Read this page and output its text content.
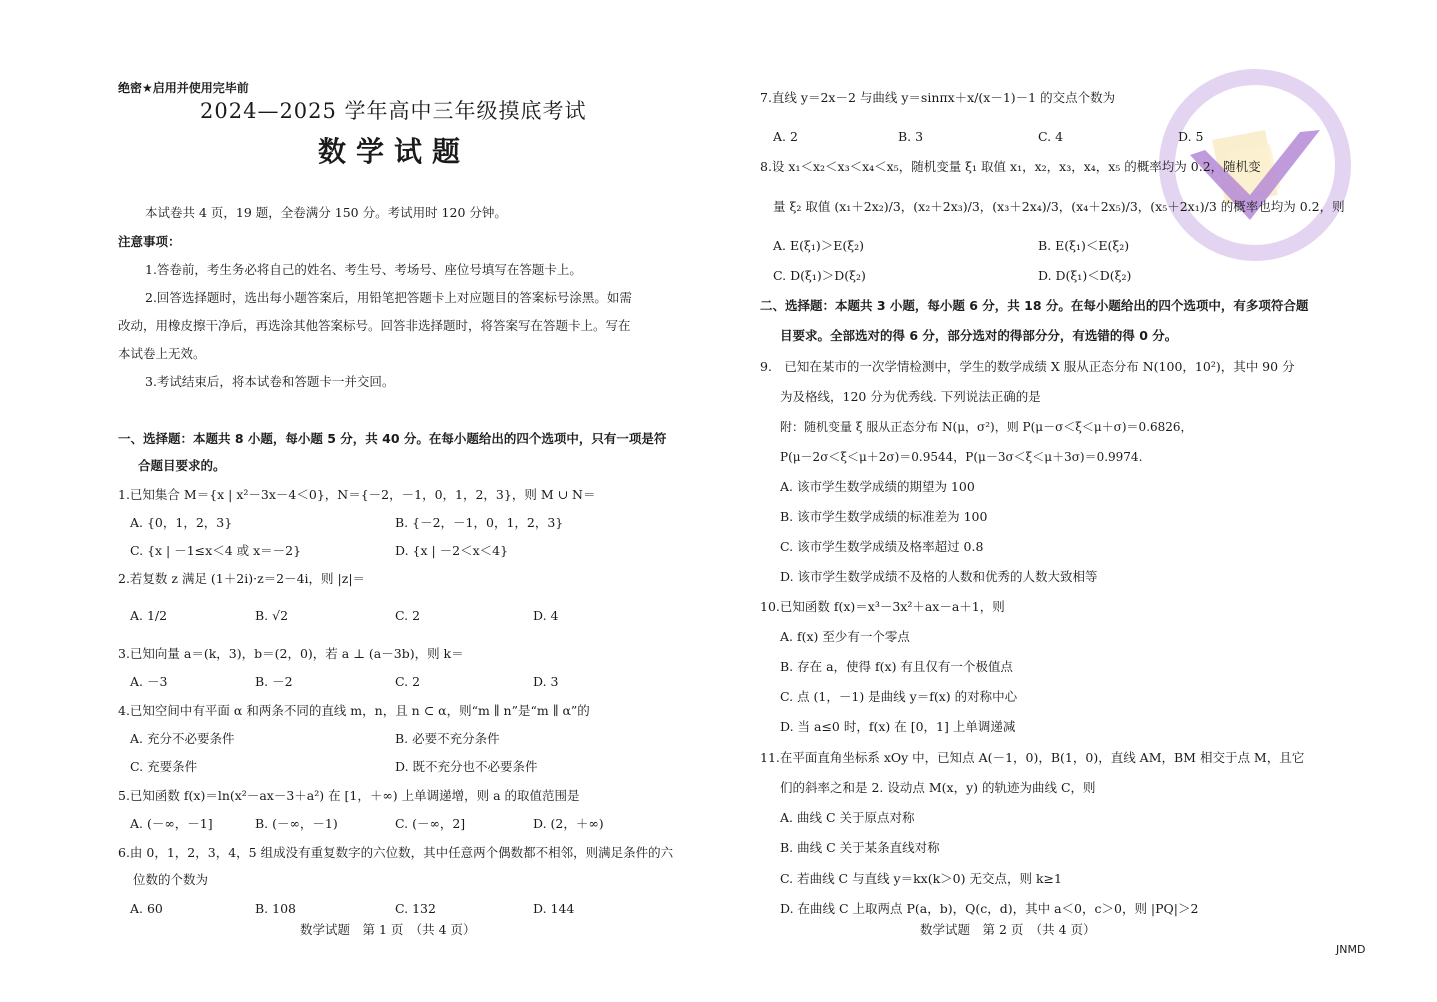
绝密★启用并使用完毕前
2024—2025 学年高中三年级摸底考试
数学试题
本试卷共 4 页，19 题，全卷满分 150 分。考试用时 120 分钟。
注意事项：
1.答卷前，考生务必将自己的姓名、考生号、考场号、座位号填写在答题卡上。
2.回答选择题时，选出每小题答案后，用铅笔把答题卡上对应题目的答案标号涂黑。如需
改动，用橡皮擦干净后，再选涂其他答案标号。回答非选择题时，将答案写在答题卡上。写在
本试卷上无效。
3.考试结束后，将本试卷和答题卡一并交回。
一、选择题：本题共 8 小题，每小题 5 分，共 40 分。在每小题给出的四个选项中，只有一项是符
合题目要求的。
1.已知集合 M＝{x | x²－3x－4＜0}，N＝{－2，－1，0，1，2，3}，则 M ∪ N＝
A. {0，1，2，3}	B. {－2，－1，0，1，2，3}
C. {x | －1≤x＜4 或 x＝－2}	D. {x | －2＜x＜4}
2.若复数 z 满足 (1＋2i)·z＝2－4i，则 |z|＝
A. 1/2	B. √2	C. 2	D. 4
3.已知向量 a＝(k，3)，b＝(2，0)，若 a ⊥ (a－3b)，则 k＝
A. －3	B. －2	C. 2	D. 3
4.已知空间中有平面 α 和两条不同的直线 m，n，且 n ⊂ α，则“m ∥ n”是“m ∥ α”的
A. 充分不必要条件	B. 必要不充分条件
C. 充要条件	D. 既不充分也不必要条件
5.已知函数 f(x)＝ln(x²－ax－3＋a²) 在 [1，＋∞) 上单调递增，则 a 的取值范围是
A. (－∞，－1]	B. (－∞，－1)	C. (－∞，2]	D. (2，＋∞)
6.由 0，1，2，3，4，5 组成没有重复数字的六位数，其中任意两个偶数都不相邻，则满足条件的六
位数的个数为
A. 60	B. 108	C. 132	D. 144
数学试题　第 1 页　（共 4 页）
7.直线 y＝2x－2 与曲线 y＝sinπx＋x/(x－1)－1 的交点个数为
A. 2	B. 3	C. 4	D. 5
8.设 x₁＜x₂＜x₃＜x₄＜x₅，随机变量 ξ₁ 取值 x₁，x₂，x₃，x₄，x₅ 的概率均为 0.2，随机变
量 ξ₂ 取值 (x₁＋2x₂)/3，(x₂＋2x₃)/3，(x₃＋2x₄)/3，(x₄＋2x₅)/3，(x₅＋2x₁)/3 的概率也均为 0.2，则
A. E(ξ₁)＞E(ξ₂)	B. E(ξ₁)＜E(ξ₂)
C. D(ξ₁)＞D(ξ₂)	D. D(ξ₁)＜D(ξ₂)
二、选择题：本题共 3 小题，每小题 6 分，共 18 分。在每小题给出的四个选项中，有多项符合题
目要求。全部选对的得 6 分，部分选对的得部分分，有选错的得 0 分。
9.　已知在某市的一次学情检测中，学生的数学成绩 X 服从正态分布 N(100，10²)，其中 90 分
为及格线，120 分为优秀线. 下列说法正确的是
附：随机变量 ξ 服从正态分布 N(μ，σ²)，则 P(μ－σ＜ξ＜μ＋σ)＝0.6826，
P(μ－2σ＜ξ＜μ＋2σ)＝0.9544，P(μ－3σ＜ξ＜μ＋3σ)＝0.9974.
A. 该市学生数学成绩的期望为 100
B. 该市学生数学成绩的标准差为 100
C. 该市学生数学成绩及格率超过 0.8
D. 该市学生数学成绩不及格的人数和优秀的人数大致相等
10.已知函数 f(x)＝x³－3x²＋ax－a＋1，则
A. f(x) 至少有一个零点
B. 存在 a，使得 f(x) 有且仅有一个极值点
C. 点 (1，－1) 是曲线 y＝f(x) 的对称中心
D. 当 a≤0 时，f(x) 在 [0，1] 上单调递减
11.在平面直角坐标系 xOy 中，已知点 A(－1，0)，B(1，0)，直线 AM，BM 相交于点 M，且它
们的斜率之和是 2. 设动点 M(x，y) 的轨迹为曲线 C，则
A. 曲线 C 关于原点对称
B. 曲线 C 关于某条直线对称
C. 若曲线 C 与直线 y＝kx(k＞0) 无交点，则 k≥1
D. 在曲线 C 上取两点 P(a，b)，Q(c，d)，其中 a＜0，c＞0，则 |PQ|＞2
数学试题　第 2 页　（共 4 页）
JNMD
